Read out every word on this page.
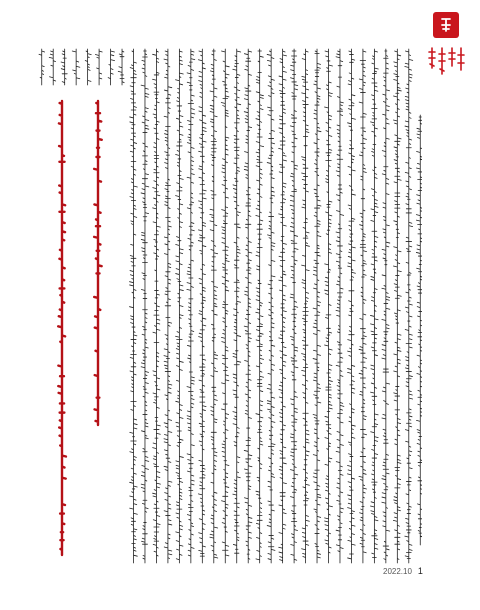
2022.10 1
